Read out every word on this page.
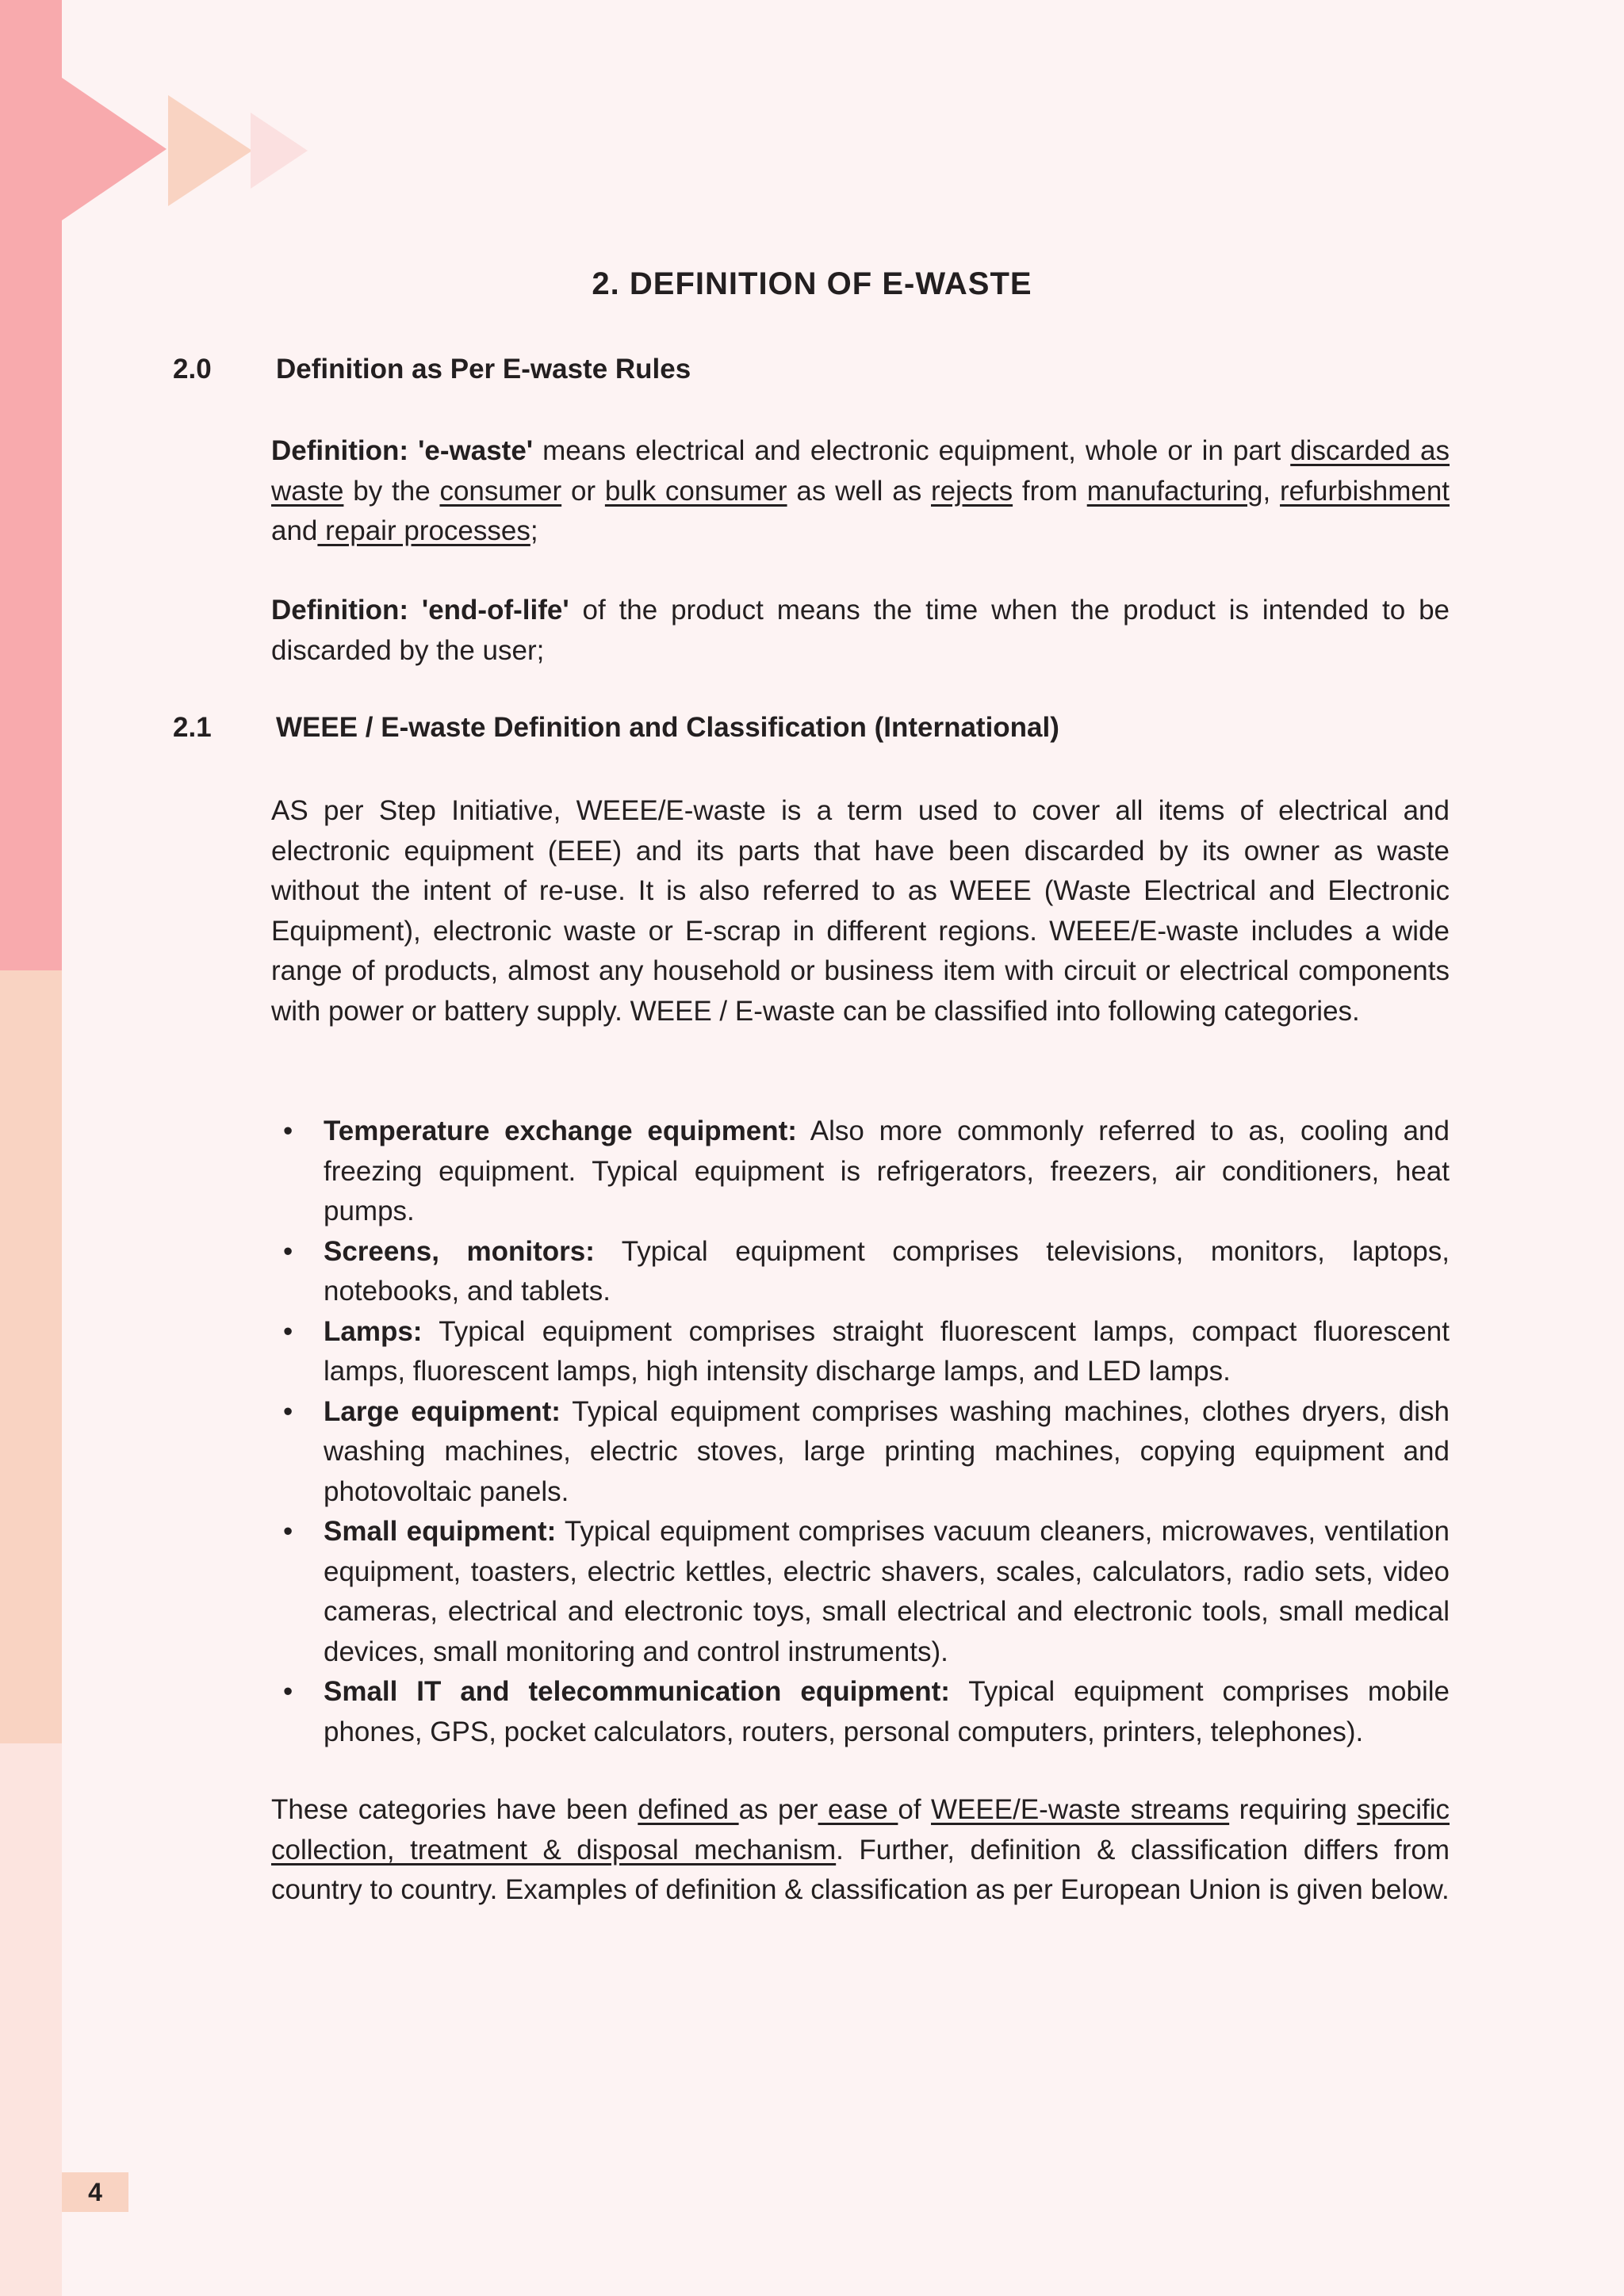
2. DEFINITION OF E-WASTE
2.0 Definition as Per E-waste Rules

Definition: 'e-waste' means electrical and electronic equipment, whole or in part discarded as waste by the consumer or bulk consumer as well as rejects from manufacturing, refurbishment and repair processes;

Definition: 'end-of-life' of the product means the time when the product is intended to be discarded by the user;

2.1 WEEE / E-waste Definition and Classification (International)

AS per Step Initiative, WEEE/E-waste is a term used to cover all items of electrical and electronic equipment (EEE) and its parts that have been discarded by its owner as waste without the intent of re-use. It is also referred to as WEEE (Waste Electrical and Electronic Equipment), electronic waste or E-scrap in different regions. WEEE/E-waste includes a wide range of products, almost any household or business item with circuit or electrical components with power or battery supply. WEEE / E-waste can be classified into following categories.

• Temperature exchange equipment: Also more commonly referred to as, cooling and freezing equipment. Typical equipment is refrigerators, freezers, air conditioners, heat pumps.
• Screens, monitors: Typical equipment comprises televisions, monitors, laptops, notebooks, and tablets.
• Lamps: Typical equipment comprises straight fluorescent lamps, compact fluorescent lamps, fluorescent lamps, high intensity discharge lamps, and LED lamps.
• Large equipment: Typical equipment comprises washing machines, clothes dryers, dish washing machines, electric stoves, large printing machines, copying equipment and photovoltaic panels.
• Small equipment: Typical equipment comprises vacuum cleaners, microwaves, ventilation equipment, toasters, electric kettles, electric shavers, scales, calculators, radio sets, video cameras, electrical and electronic toys, small electrical and electronic tools, small medical devices, small monitoring and control instruments).
• Small IT and telecommunication equipment: Typical equipment comprises mobile phones, GPS, pocket calculators, routers, personal computers, printers, telephones).

These categories have been defined as per ease of WEEE/E-waste streams requiring specific collection, treatment & disposal mechanism. Further, definition & classification differs from country to country. Examples of definition & classification as per European Union is given below.

4
